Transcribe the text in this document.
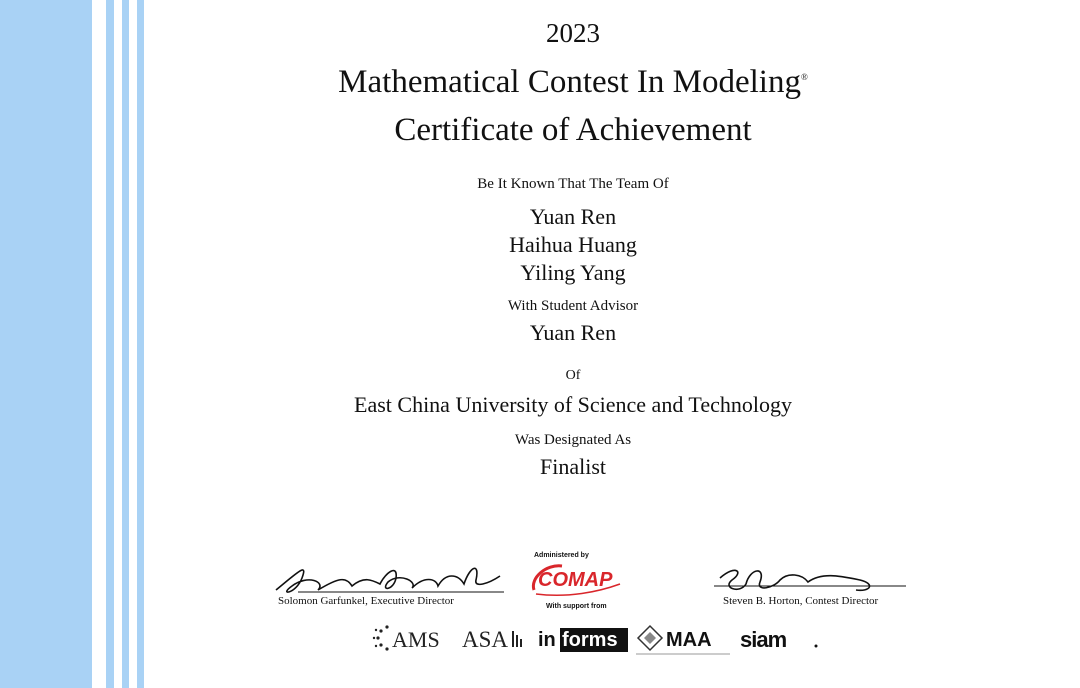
2023
Mathematical Contest In Modeling®
Certificate of Achievement
Be It Known That The Team Of
Yuan Ren
Haihua Huang
Yiling Yang
With Student Advisor
Yuan Ren
Of
East China University of Science and Technology
Was Designated As
Finalist
Solomon Garfunkel, Executive Director
Administered by
COMAP
With support from	Steven B. Horton, Contest Director
AMS ASA in forms MAA siam
